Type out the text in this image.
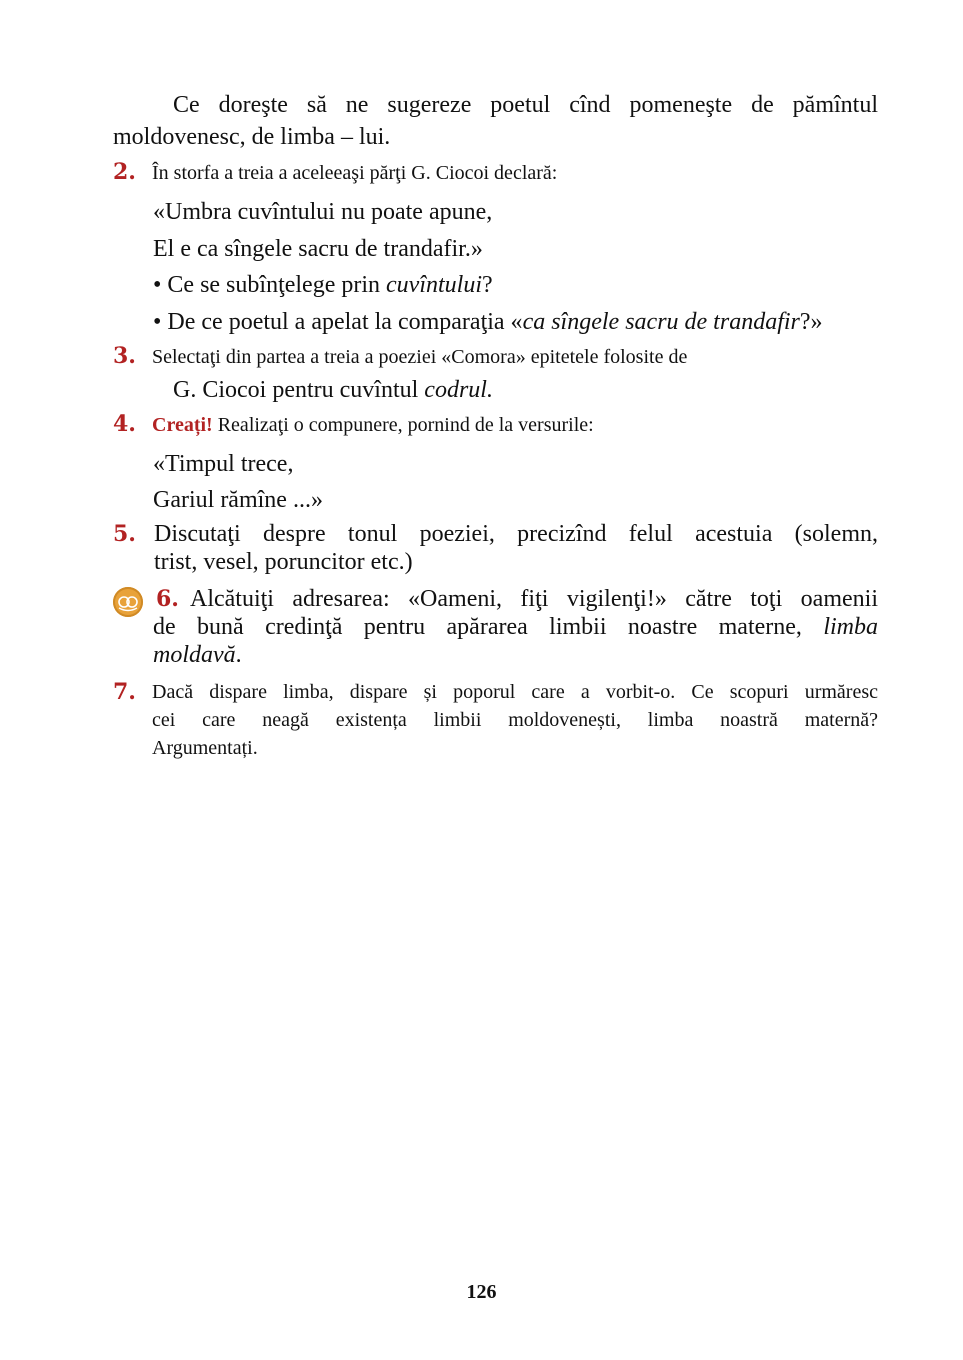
Ce doreşte să ne sugereze poetul cînd pomeneşte de pămîntul
moldovenesc, de limba – lui.
2. În storfa a treia a aceleeaşi părţi G. Ciocoi declară:
«Umbra cuvîntului nu poate apune,
El e ca sîngele sacru de trandafir.»
• Ce se subînţelege prin cuvîntului?
• De ce poetul a apelat la comparaţia «ca sîngele sacru de trandafir?»
3. Selectaţi din partea a treia a poeziei «Comora» epitetele folosite de
G. Ciocoi pentru cuvîntul codrul.
4. Creați! Realizaţi o compunere, pornind de la versurile:
«Timpul trece,
Gariul rămîne ...»
5. Discutaţi despre tonul poeziei, precizînd felul acestuia (solemn,
trist, vesel, poruncitor etc.)
6. Alcătuiţi adresarea: «Oameni, fiţi vigilenţi!» către toţi oamenii
de bună credinţă pentru apărarea limbii noastre materne, limba
moldavă.
7. Dacă dispare limba, dispare și poporul care a vorbit-o. Ce scopuri urmăresc
cei care neagă existența limbii moldovenești, limba noastră maternă?
Argumentați.
126
